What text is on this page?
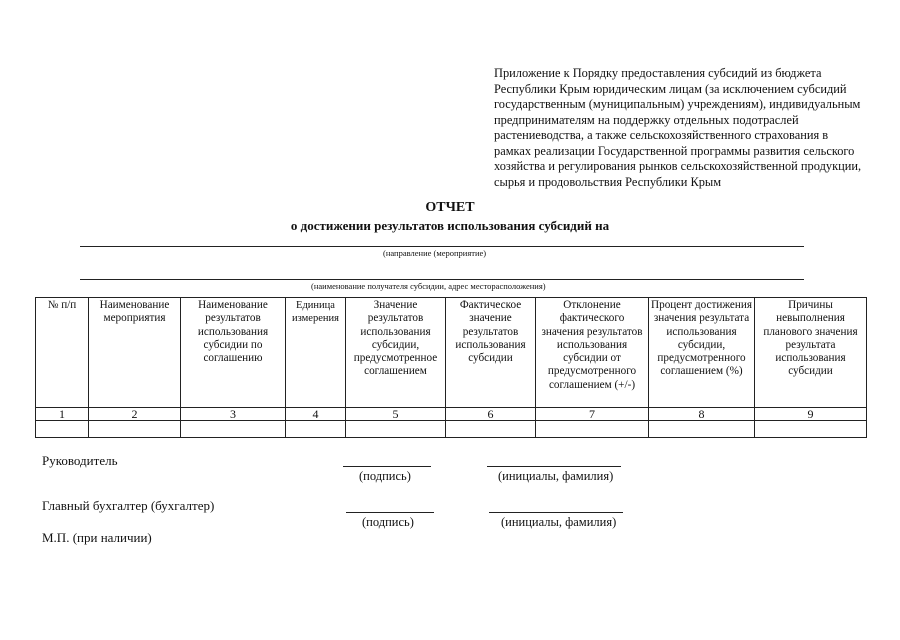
Приложение к Порядку предоставления субсидий из бюджета Республики Крым юридическим лицам (за исключением субсидий государственным (муниципальным) учреждениям), индивидуальным предпринимателям на поддержку отдельных подотраслей растениеводства, а также сельскохозяйственного страхования в рамках реализации Государственной программы развития сельского хозяйства и регулирования рынков сельскохозяйственной продукции, сырья и продовольствия Республики Крым
ОТЧЕТ
о достижении результатов использования субсидий на
(направление (мероприятие)
(наименование получателя субсидии, адрес месторасположения)
№ п/п	Наименование мероприятия	Наименование результатов использования субсидии по соглашению	Единица измерения	Значение результатов использования субсидии, предусмотренное соглашением	Фактическое значение результатов использования субсидии	Отклонение фактического значения результатов использования субсидии от предусмотренного соглашением (+/-)	Процент достижения значения результата использования субсидии, предусмотренного соглашением (%)	Причины невыполнения планового значения результата использования субсидии
1	2	3	4	5	6	7	8	9

Руководитель
(подпись)	(инициалы, фамилия)
Главный бухгалтер (бухгалтер)
(подпись)	(инициалы, фамилия)
М.П. (при наличии)
